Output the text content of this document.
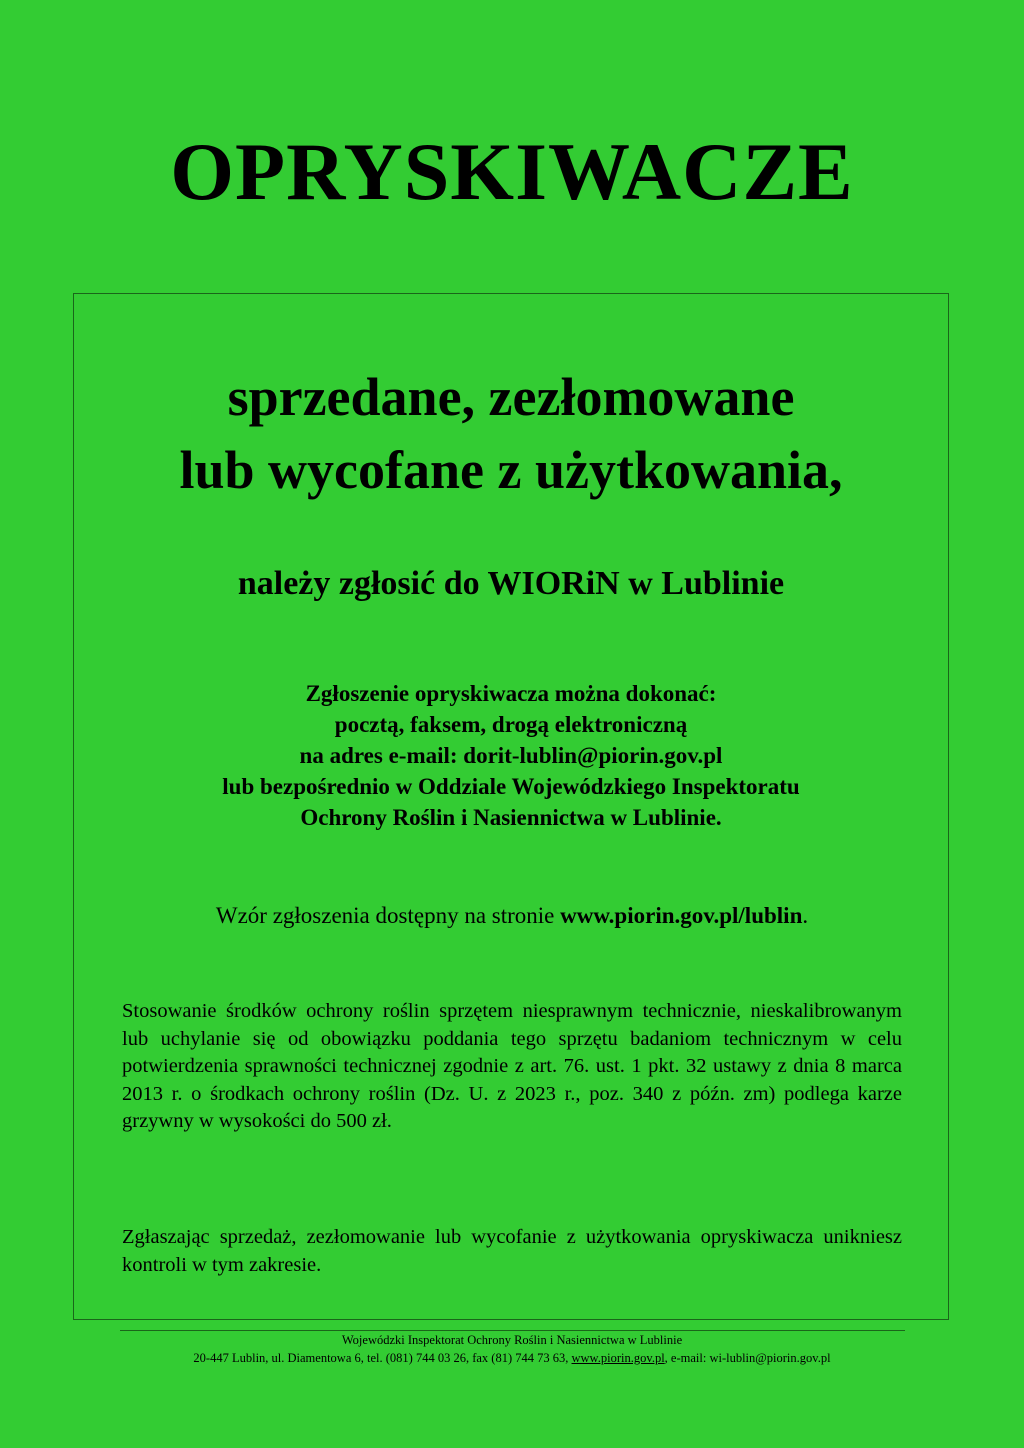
OPRYSKIWACZE
sprzedane, zezłomowane
lub wycofane z użytkowania,
należy zgłosić do WIORiN w Lublinie
Zgłoszenie opryskiwacza można dokonać:
pocztą, faksem, drogą elektroniczną
na adres e-mail: dorit-lublin@piorin.gov.pl
lub bezpośrednio w Oddziale Wojewódzkiego Inspektoratu
Ochrony Roślin i Nasiennictwa w Lublinie.
Wzór zgłoszenia dostępny na stronie www.piorin.gov.pl/lublin.
Stosowanie środków ochrony roślin sprzętem niesprawnym technicznie, nieskalibrowanym lub uchylanie się od obowiązku poddania tego sprzętu badaniom technicznym w celu potwierdzenia sprawności technicznej zgodnie z art. 76. ust. 1 pkt. 32 ustawy z dnia 8 marca 2013 r. o środkach ochrony roślin (Dz. U. z 2023 r., poz. 340 z późn. zm) podlega karze grzywny w wysokości do 500 zł.
Zgłaszając sprzedaż, zezłomowanie lub wycofanie z użytkowania opryskiwacza unikniesz kontroli w tym zakresie.
Wojewódzki Inspektorat Ochrony Roślin i Nasiennictwa w Lublinie
20-447 Lublin, ul. Diamentowa 6, tel. (081) 744 03 26, fax (81) 744 73 63, www.piorin.gov.pl, e-mail: wi-lublin@piorin.gov.pl
